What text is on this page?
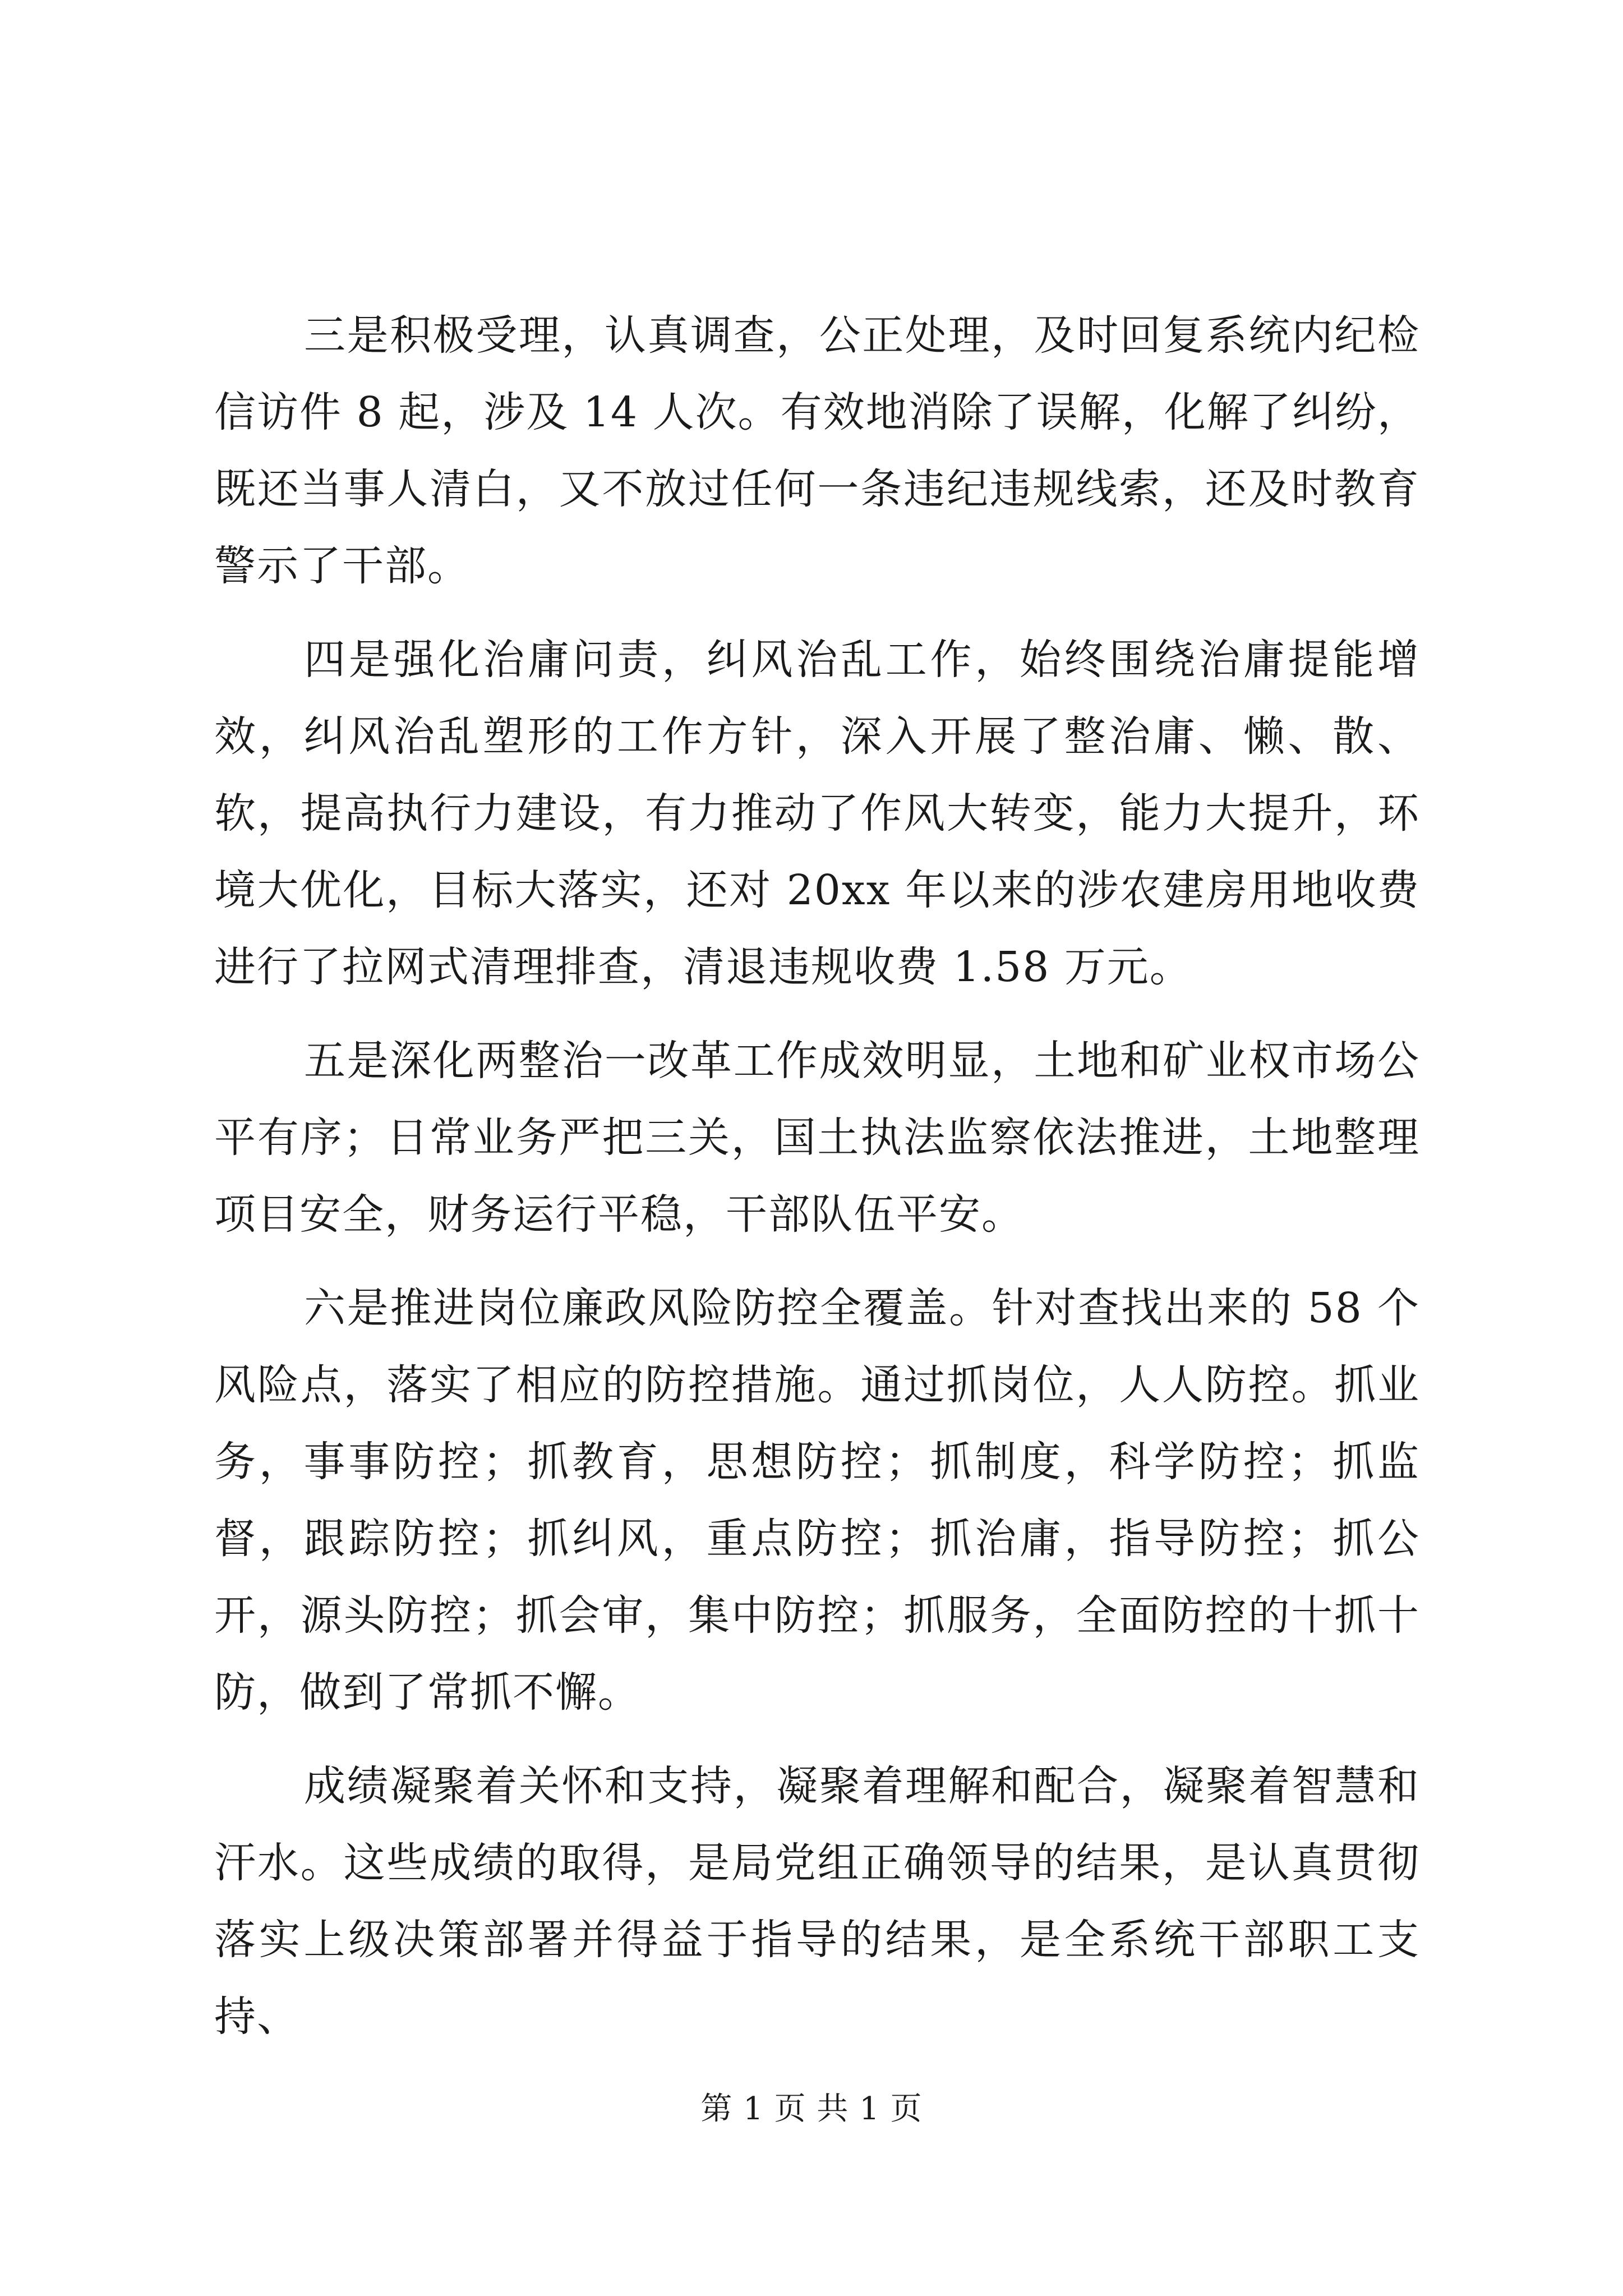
三是积极受理，认真调查，公正处理，及时回复系统内纪检信访件 8 起，涉及 14 人次。有效地消除了误解，化解了纠纷，既还当事人清白，又不放过任何一条违纪违规线索，还及时教育警示了干部。

四是强化治庸问责，纠风治乱工作，始终围绕治庸提能增效，纠风治乱塑形的工作方针，深入开展了整治庸、懒、散、软，提高执行力建设，有力推动了作风大转变，能力大提升，环境大优化，目标大落实，还对 20xx 年以来的涉农建房用地收费进行了拉网式清理排查，清退违规收费 1.58 万元。

五是深化两整治一改革工作成效明显，土地和矿业权市场公平有序；日常业务严把三关，国土执法监察依法推进，土地整理项目安全，财务运行平稳，干部队伍平安。

六是推进岗位廉政风险防控全覆盖。针对查找出来的 58 个风险点，落实了相应的防控措施。通过抓岗位，人人防控。抓业务，事事防控；抓教育，思想防控；抓制度，科学防控；抓监督，跟踪防控；抓纠风，重点防控；抓治庸，指导防控；抓公开，源头防控；抓会审，集中防控；抓服务，全面防控的十抓十防，做到了常抓不懈。

成绩凝聚着关怀和支持，凝聚着理解和配合，凝聚着智慧和汗水。这些成绩的取得，是局党组正确领导的结果，是认真贯彻落实上级决策部署并得益于指导的结果，是全系统干部职工支持、

第 1 页 共 1 页
